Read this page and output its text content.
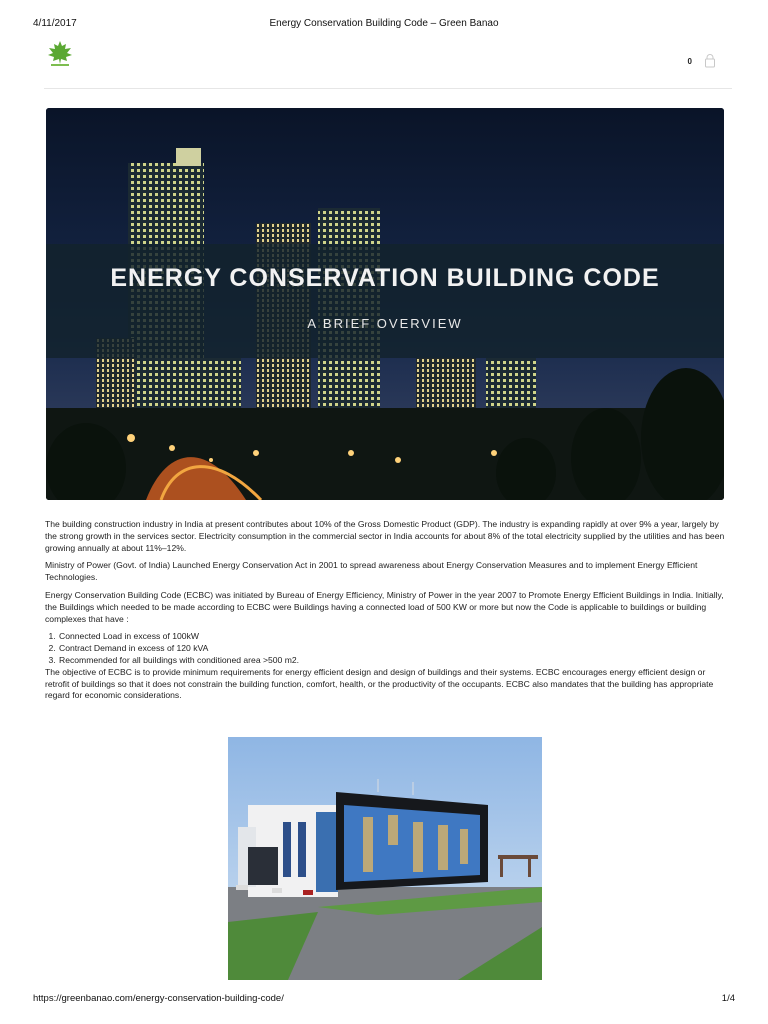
4/11/2017	Energy Conservation Building Code – Green Banao
0
ENERGY CONSERVATION BUILDING CODE
A BRIEF OVERVIEW

The building construction industry in India at present contributes about 10% of the Gross Domestic Product (GDP). The industry is expanding rapidly at over 9% a year, largely by the strong growth in the services sector. Electricity consumption in the commercial sector in India accounts for about 8% of the total electricity supplied by the utilities and has been growing annually at about 11%–12%.

Ministry of Power (Govt. of India) Launched Energy Conservation Act in 2001 to spread awareness about Energy Conservation Measures and to implement Energy Efficient Technologies.

Energy Conservation Building Code (ECBC) was initiated by Bureau of Energy Efficiency, Ministry of Power in the year 2007 to Promote Energy Efficient Buildings in India. Initially, the Buildings which needed to be made according to ECBC were Buildings having a connected load of 500 KW or more but now the Code is applicable to buildings or building complexes that have :

1. Connected Load in excess of 100kW
2. Contract Demand in excess of 120 kVA
3. Recommended for all buildings with conditioned area >500 m2.

The objective of ECBC is to provide minimum requirements for energy efficient design and design of buildings and their systems. ECBC encourages energy efficient design or retrofit of buildings so that it does not constrain the building function, comfort, health, or the productivity of the occupants. ECBC also mandates that the building has appropriate regard for economic considerations.

https://greenbanao.com/energy-conservation-building-code/	1/4
